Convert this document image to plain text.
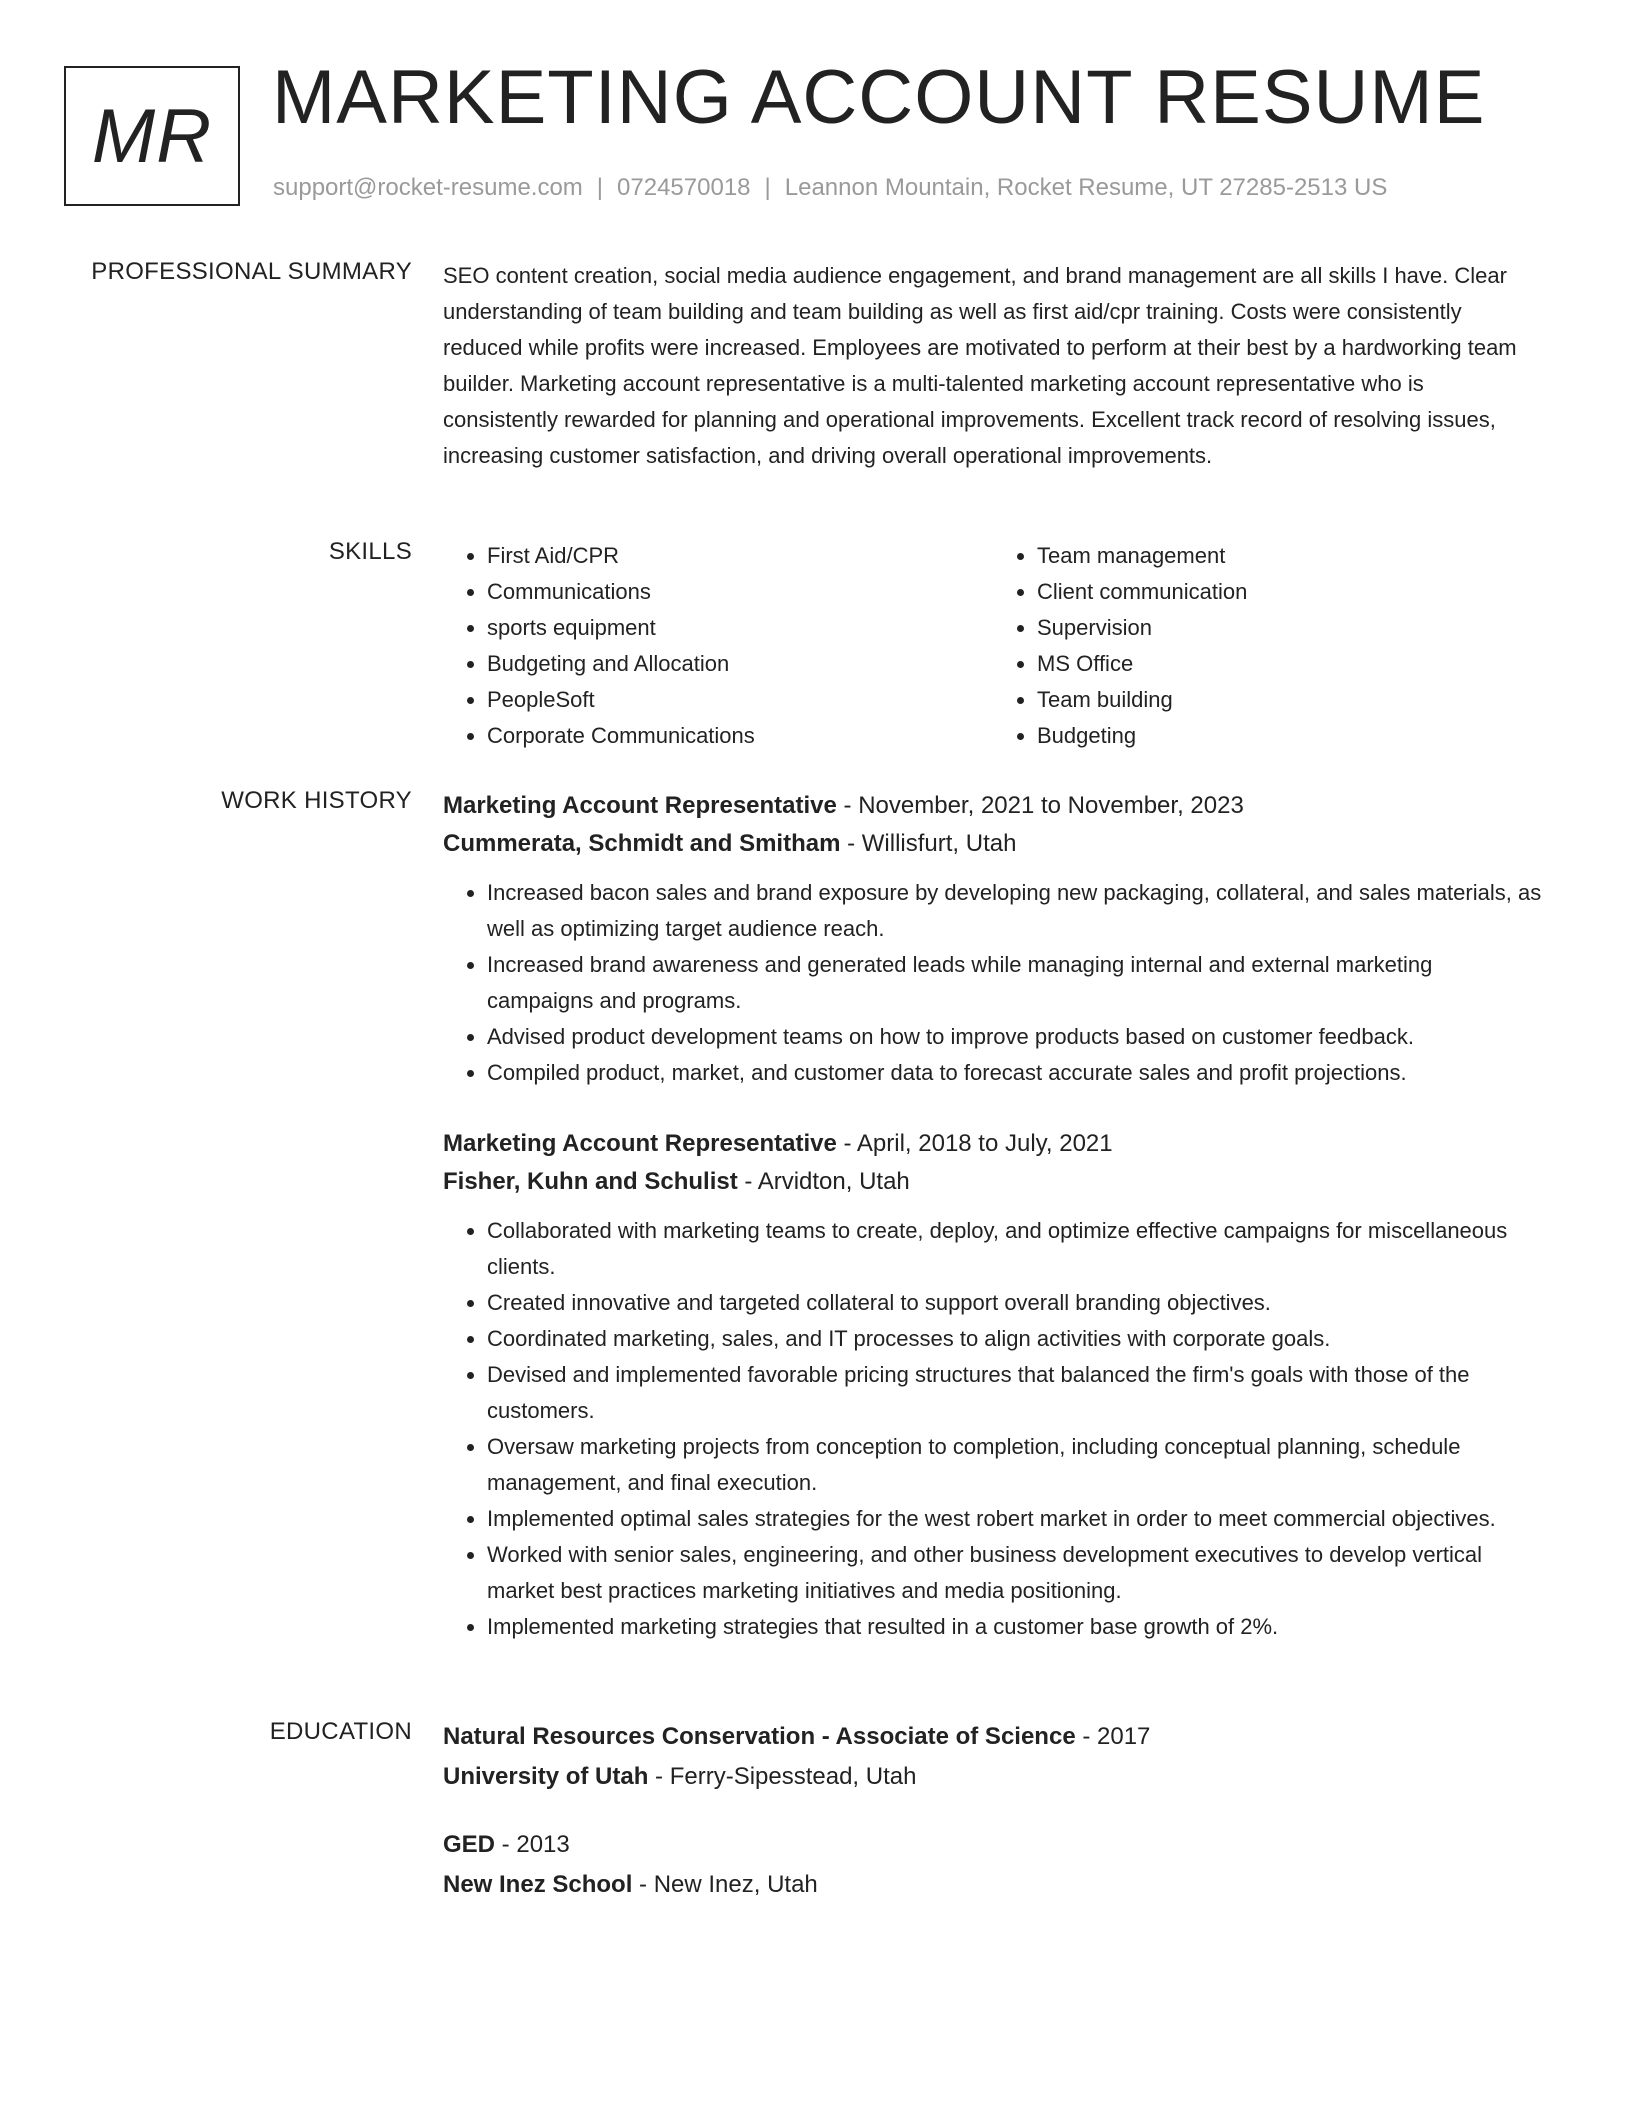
MR MARKETING ACCOUNT RESUME
support@rocket-resume.com | 0724570018 | Leannon Mountain, Rocket Resume, UT 27285-2513 US
PROFESSIONAL SUMMARY SEO content creation, social media audience engagement, and brand management are all skills I have. Clear understanding of team building and team building as well as first aid/cpr training. Costs were consistently reduced while profits were increased. Employees are motivated to perform at their best by a hardworking team builder. Marketing account representative is a multi-talented marketing account representative who is consistently rewarded for planning and operational improvements. Excellent track record of resolving issues, increasing customer satisfaction, and driving overall operational improvements.

SKILLS
•	First Aid/CPR
• Communications
• sports equipment
• Budgeting and Allocation
• PeopleSoft
• Corporate Communications
• Team management
• Client communication
• Supervision
• MS Office
• Team building
• Budgeting
WORK HISTORY Marketing Account Representative - November, 2021 to November, 2023
Cummerata, Schmidt and Smitham - Willisfurt, Utah
• Increased bacon sales and brand exposure by developing new packaging, collateral, and sales materials, as well as optimizing target audience reach.
• Increased brand awareness and generated leads while managing internal and external marketing campaigns and programs.
• Advised product development teams on how to improve products based on customer feedback.
• Compiled product, market, and customer data to forecast accurate sales and profit projections.
Marketing Account Representative - April, 2018 to July, 2021
Fisher, Kuhn and Schulist - Arvidton, Utah
• Collaborated with marketing teams to create, deploy, and optimize effective campaigns for miscellaneous clients.
• Created innovative and targeted collateral to support overall branding objectives.
• Coordinated marketing, sales, and IT processes to align activities with corporate goals.
• Devised and implemented favorable pricing structures that balanced the firm's goals with those of the customers.
• Oversaw marketing projects from conception to completion, including conceptual planning, schedule management, and final execution.
• Implemented optimal sales strategies for the west robert market in order to meet commercial objectives.
• Worked with senior sales, engineering, and other business development executives to develop vertical market best practices marketing initiatives and media positioning.
• Implemented marketing strategies that resulted in a customer base growth of 2%.
EDUCATION Natural Resources Conservation - Associate of Science - 2017
University of Utah - Ferry-Sipesstead, Utah
GED - 2013
New Inez School - New Inez, Utah
